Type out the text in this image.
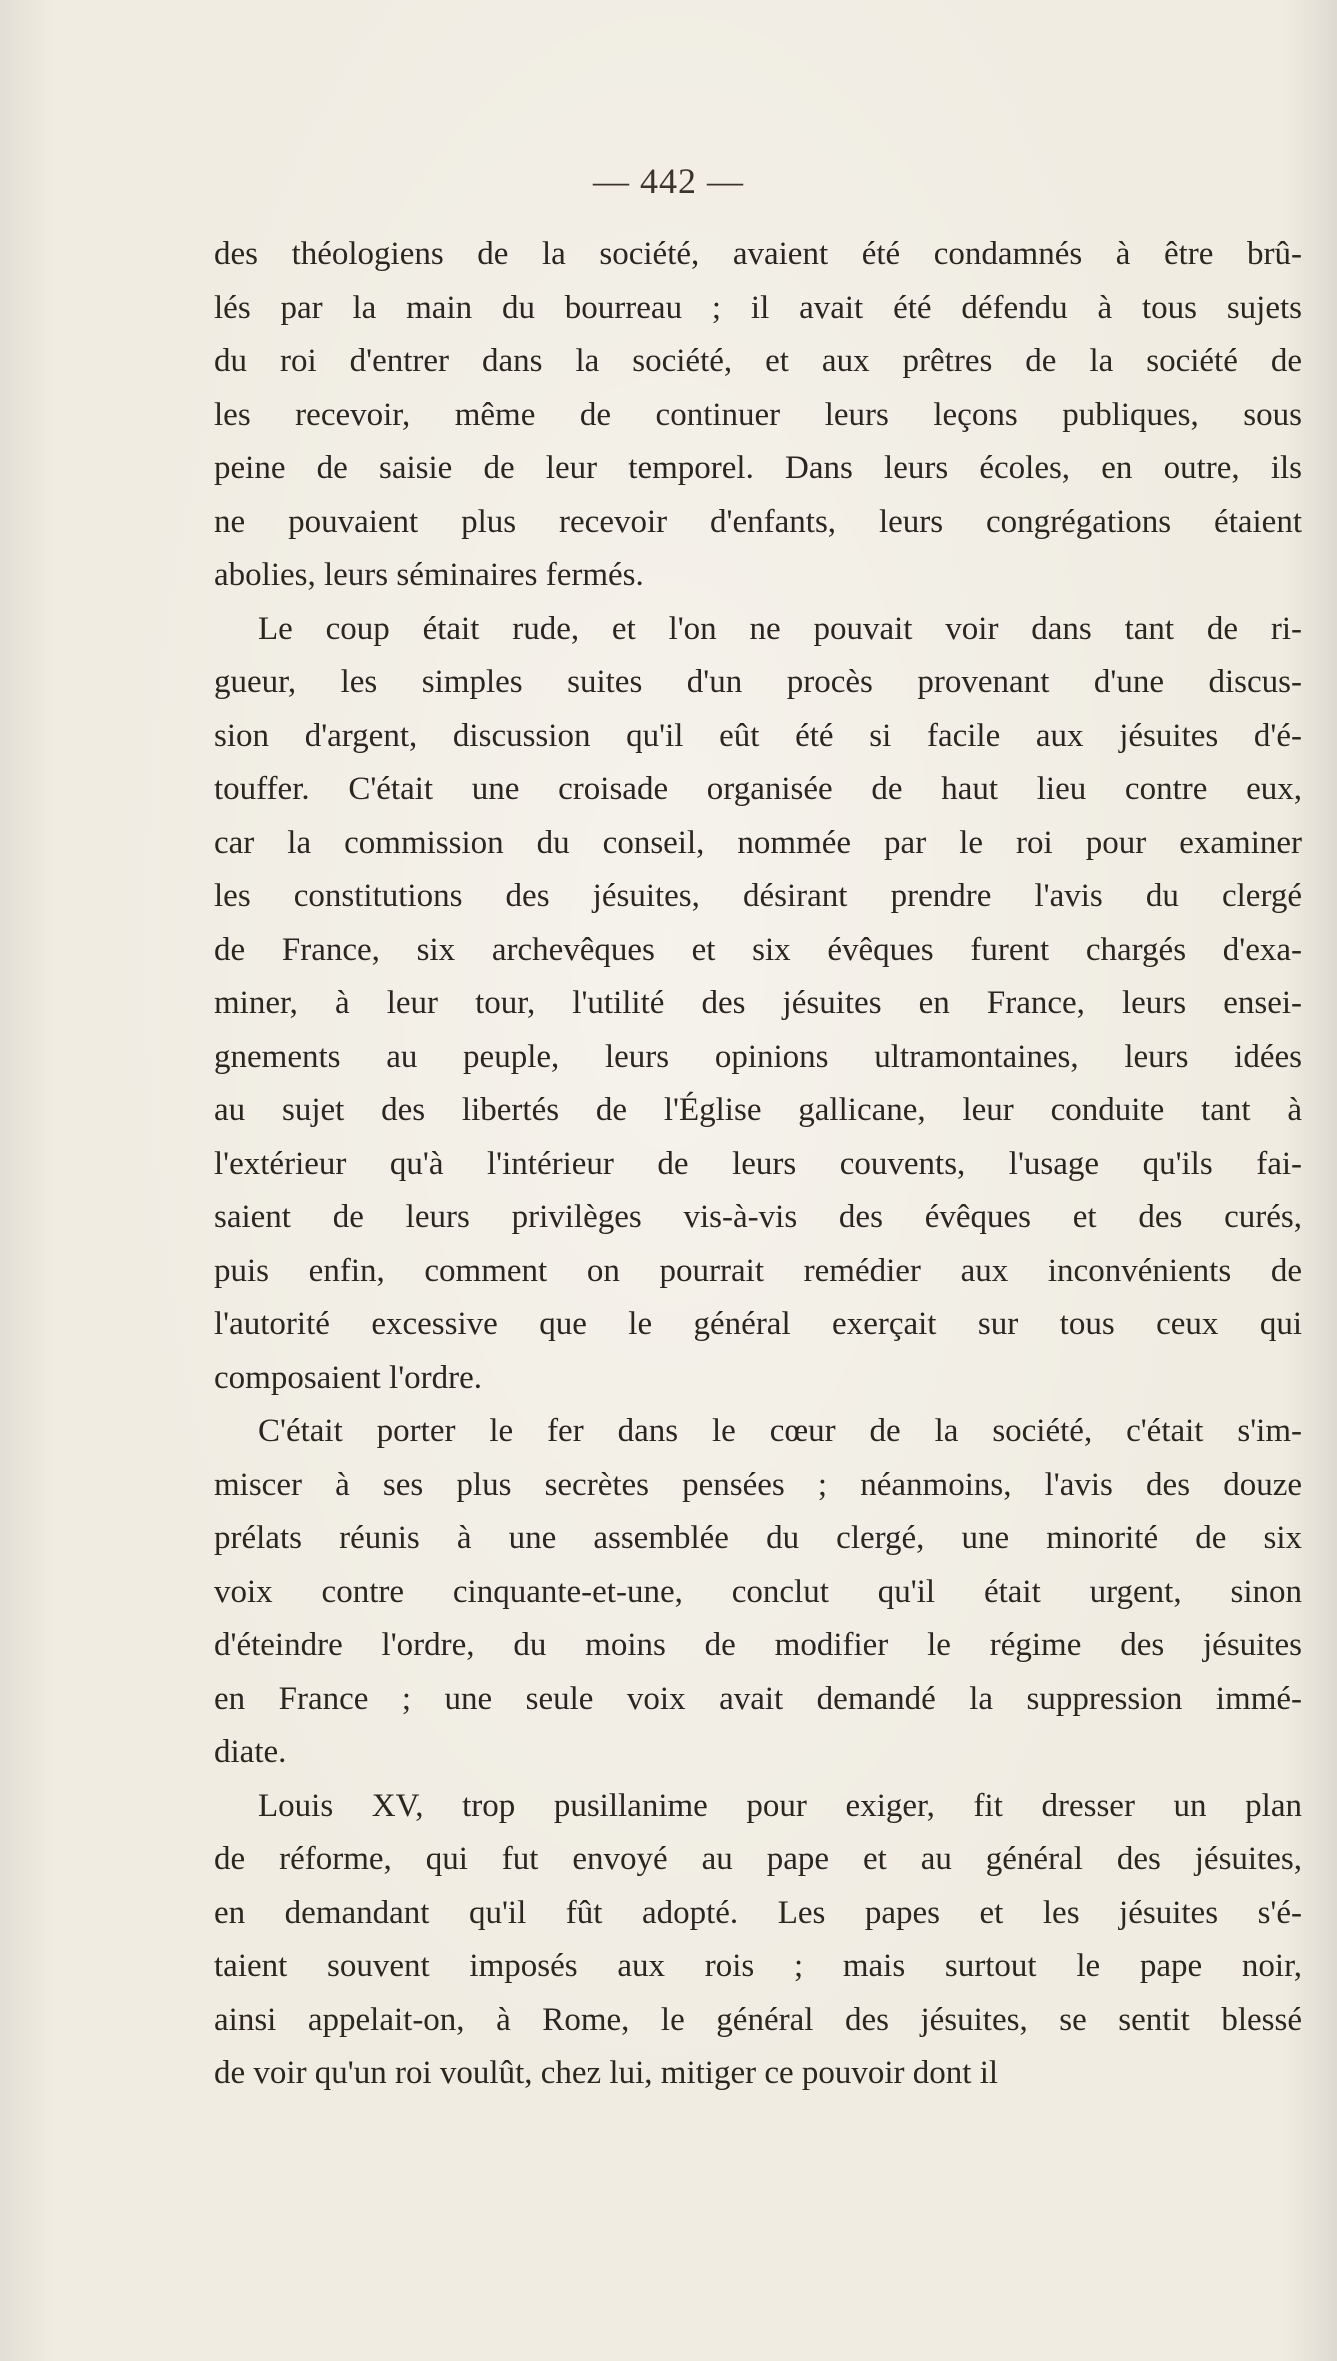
— 442 —
des théologiens de la société, avaient été condamnés à être brû-
lés par la main du bourreau ; il avait été défendu à tous sujets
du roi d'entrer dans la société, et aux prêtres de la société de
les recevoir, même de continuer leurs leçons publiques, sous
peine de saisie de leur temporel. Dans leurs écoles, en outre, ils
ne pouvaient plus recevoir d'enfants, leurs congrégations étaient
abolies, leurs séminaires fermés.
Le coup était rude, et l'on ne pouvait voir dans tant de ri-
gueur, les simples suites d'un procès provenant d'une discus-
sion d'argent, discussion qu'il eût été si facile aux jésuites d'é-
touffer. C'était une croisade organisée de haut lieu contre eux,
car la commission du conseil, nommée par le roi pour examiner
les constitutions des jésuites, désirant prendre l'avis du clergé
de France, six archevêques et six évêques furent chargés d'exa-
miner, à leur tour, l'utilité des jésuites en France, leurs ensei-
gnements au peuple, leurs opinions ultramontaines, leurs idées
au sujet des libertés de l'Église gallicane, leur conduite tant à
l'extérieur qu'à l'intérieur de leurs couvents, l'usage qu'ils fai-
saient de leurs privilèges vis-à-vis des évêques et des curés,
puis enfin, comment on pourrait remédier aux inconvénients de
l'autorité excessive que le général exerçait sur tous ceux qui
composaient l'ordre.
C'était porter le fer dans le cœur de la société, c'était s'im-
miscer à ses plus secrètes pensées ; néanmoins, l'avis des douze
prélats réunis à une assemblée du clergé, une minorité de six
voix contre cinquante-et-une, conclut qu'il était urgent, sinon
d'éteindre l'ordre, du moins de modifier le régime des jésuites
en France ; une seule voix avait demandé la suppression immé-
diate.
Louis XV, trop pusillanime pour exiger, fit dresser un plan
de réforme, qui fut envoyé au pape et au général des jésuites,
en demandant qu'il fût adopté. Les papes et les jésuites s'é-
taient souvent imposés aux rois ; mais surtout le pape noir,
ainsi appelait-on, à Rome, le général des jésuites, se sentit blessé
de voir qu'un roi voulût, chez lui, mitiger ce pouvoir dont il
